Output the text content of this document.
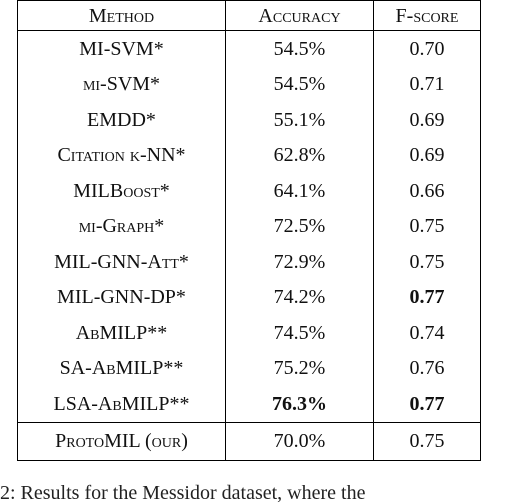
Method	Accuracy	F-score
MI-SVM*	54.5%	0.70
mi-SVM*	54.5%	0.71
EMDD*	55.1%	0.69
Citation k-NN*	62.8%	0.69
MILBoost*	64.1%	0.66
mi-Graph*	72.5%	0.75
MIL-GNN-Att*	72.9%	0.75
MIL-GNN-DP*	74.2%	0.77
AbMILP**	74.5%	0.74
SA-AbMILP**	75.2%	0.76
LSA-AbMILP**	76.3%	0.77
ProtoMIL (our)	70.0%	0.75
2: Results for the Messidor dataset, where the
